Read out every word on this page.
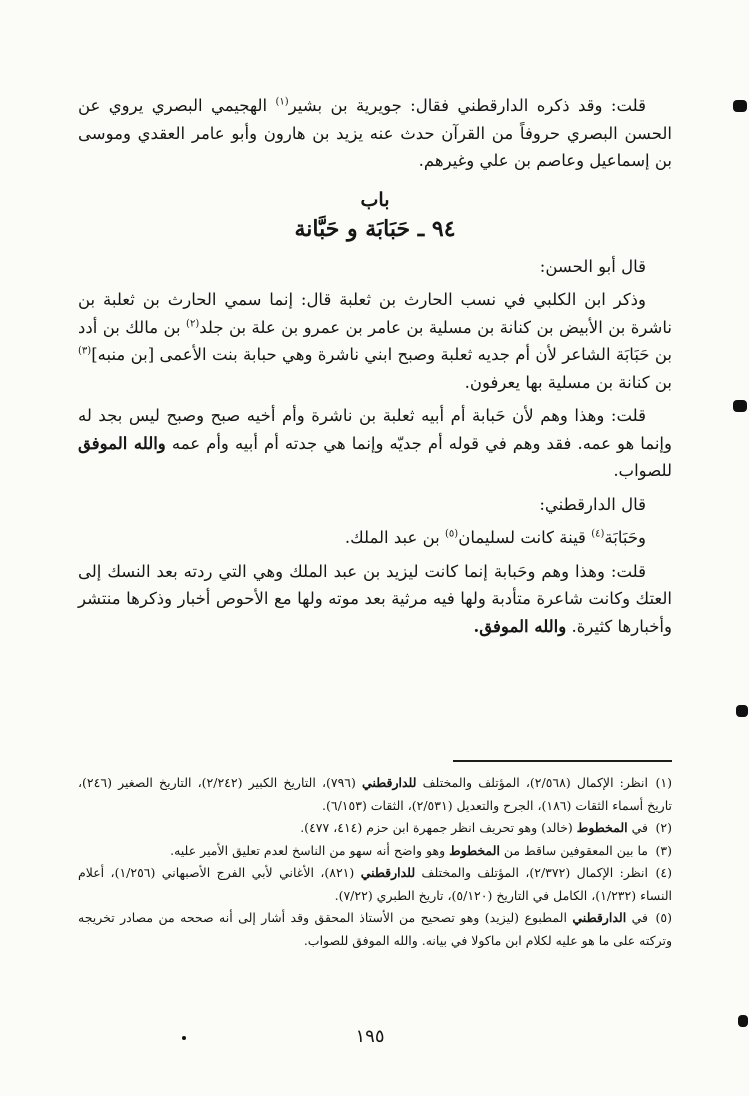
قلت: وقد ذكره الدارقطني فقال: جويرية بن بشير$^{(١)}$ الهجيمي البصري يروي عن الحسن البصري حروفاً من القرآن حدث عنه يزيد بن هارون وأبو عامر العقدي وموسى بن إسماعيل وعاصم بن علي وغيرهم.

باب
٩٤ ـ حَبَابَة و حَبَّانة

قال أبو الحسن:

وذكر ابن الكلبي في نسب الحارث بن ثعلبة قال: إنما سمي الحارث بن ثعلبة بن ناشرة بن الأبيض بن كنانة بن مسلية بن عامر بن عمرو بن علة بن جلد$^{(٢)}$ بن مالك بن أدد بن حَبَابَة الشاعر لأن أم جديه ثعلبة وصبح ابني ناشرة وهي حبابة بنت الأعمى [بن منبه]$^{(٣)}$ بن كنانة بن مسلية بها يعرفون.

قلت: وهذا وهم لأن حَبابة أم أبيه ثعلبة بن ناشرة وأم أخيه صبح وصبح ليس بجد له وإنما هو عمه. فقد وهم في قوله أم جديّه وإنما هي جدته أم أبيه وأم عمه والله الموفق للصواب.

قال الدارقطني:

وحَبَابَة$^{(٤)}$ قينة كانت لسليمان$^{(٥)}$ بن عبد الملك.

قلت: وهذا وهم وحَبابة إنما كانت ليزيد بن عبد الملك وهي التي ردته بعد النسك إلى العتك وكانت شاعرة متأدبة ولها فيه مرثية بعد موته ولها مع الأحوص أخبار وذكرها منتشر وأخبارها كثيرة. والله الموفق.

(١)انظر: الإكمال (٢/٥٦٨)، المؤتلف والمختلف للدارقطني (٧٩٦)، التاريخ الكبير (٢/٢٤٢)، التاريخ الصغير (٢٤٦)، تاريخ أسماء الثقات (١٨٦)، الجرح والتعديل (٢/٥٣١)، الثقات (٦/١٥٣).

(٢)في المخطوط (خالد) وهو تحريف انظر جمهرة ابن حزم (٤١٤، ٤٧٧).

(٣)ما بين المعقوفين ساقط من المخطوط وهو واضح أنه سهو من الناسخ لعدم تعليق الأمير عليه.

(٤)انظر: الإكمال (٢/٣٧٢)، المؤتلف والمختلف للدارقطني (٨٢١)، الأغاني لأبي الفرج الأصبهاني (١/٢٥٦)، أعلام النساء (١/٢٣٢)، الكامل في التاريخ (٥/١٢٠)، تاريخ الطبري (٧/٢٢).

(٥)في الدارقطني المطبوع (ليزيد) وهو تصحيح من الأستاذ المحقق وقد أشار إلى أنه صححه من مصادر تخريجه وتركته على ما هو عليه لكلام ابن ماكولا في بيانه. والله الموفق للصواب.

١٩٥
